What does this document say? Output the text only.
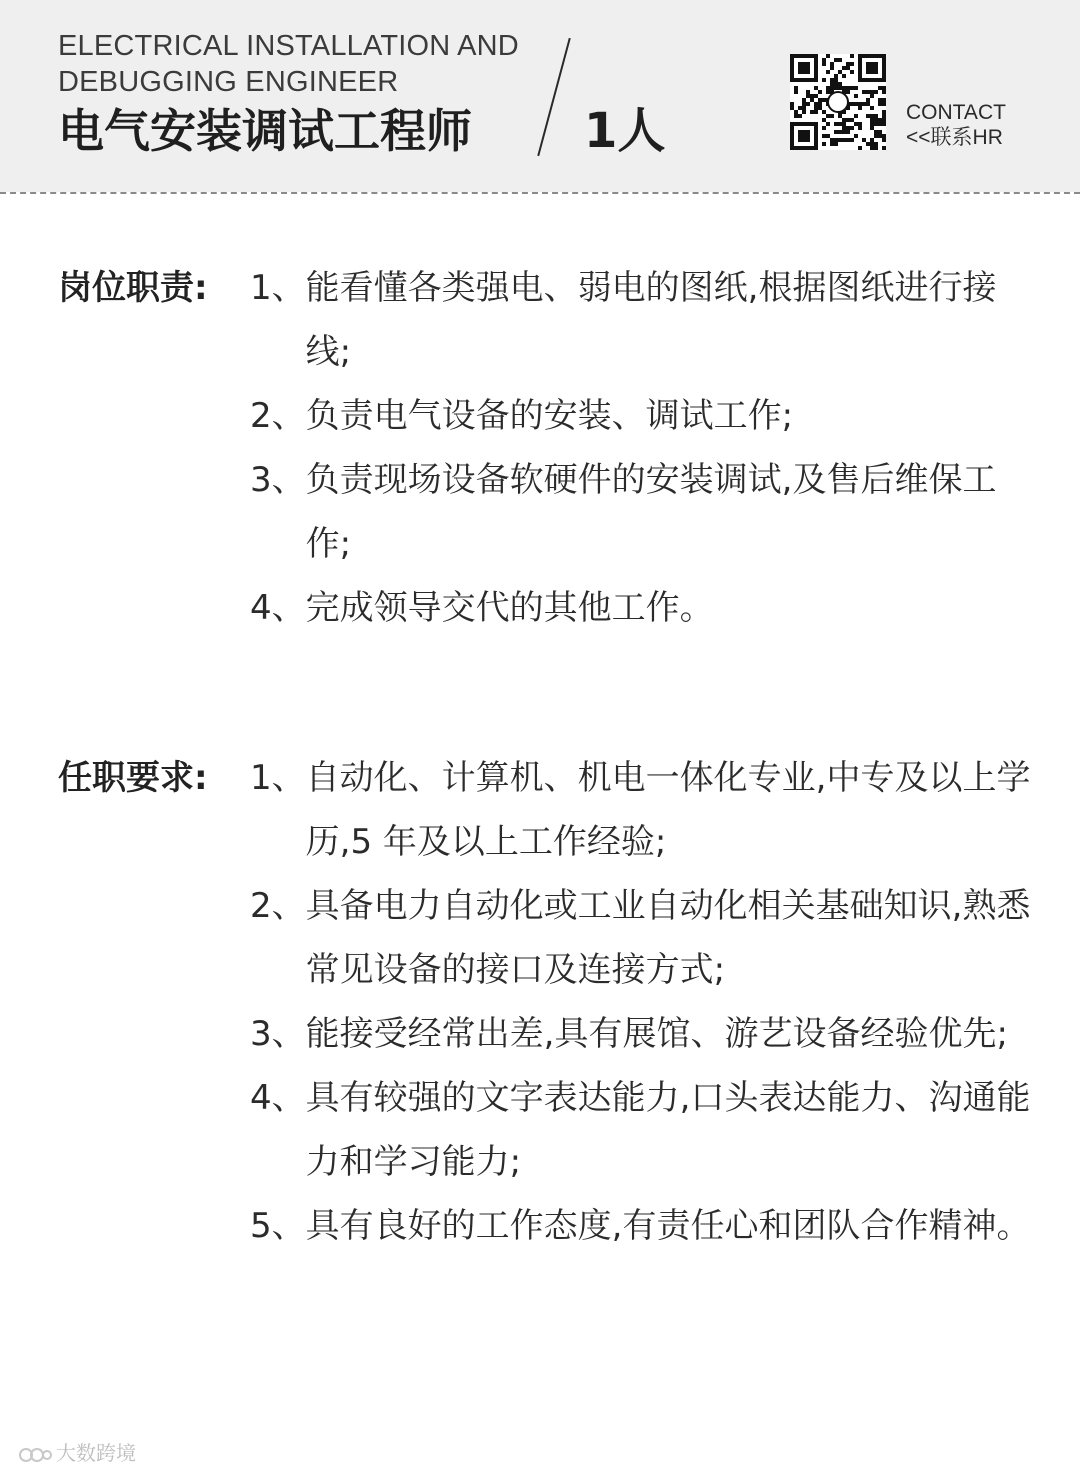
ELECTRICAL INSTALLATION AND
DEBUGGING ENGINEER
电气安装调试工程师 1人	CONTACT
<<联系HR
岗位职责: 1、 能看懂各类强电、弱电的图纸,根据图纸进行接线;
2、 负责电气设备的安装、调试工作;
3、 负责现场设备软硬件的安装调试,及售后维保工作;
4、 完成领导交代的其他工作。
任职要求: 1、 自动化、计算机、机电一体化专业,中专及以上学历,5 年及以上工作经验;
2、 具备电力自动化或工业自动化相关基础知识,熟悉常见设备的接口及连接方式;
3、 能接受经常出差,具有展馆、游艺设备经验优先;
4、 具有较强的文字表达能力,口头表达能力、沟通能力和学习能力;
5、 具有良好的工作态度,有责任心和团队合作精神。
大数跨境
